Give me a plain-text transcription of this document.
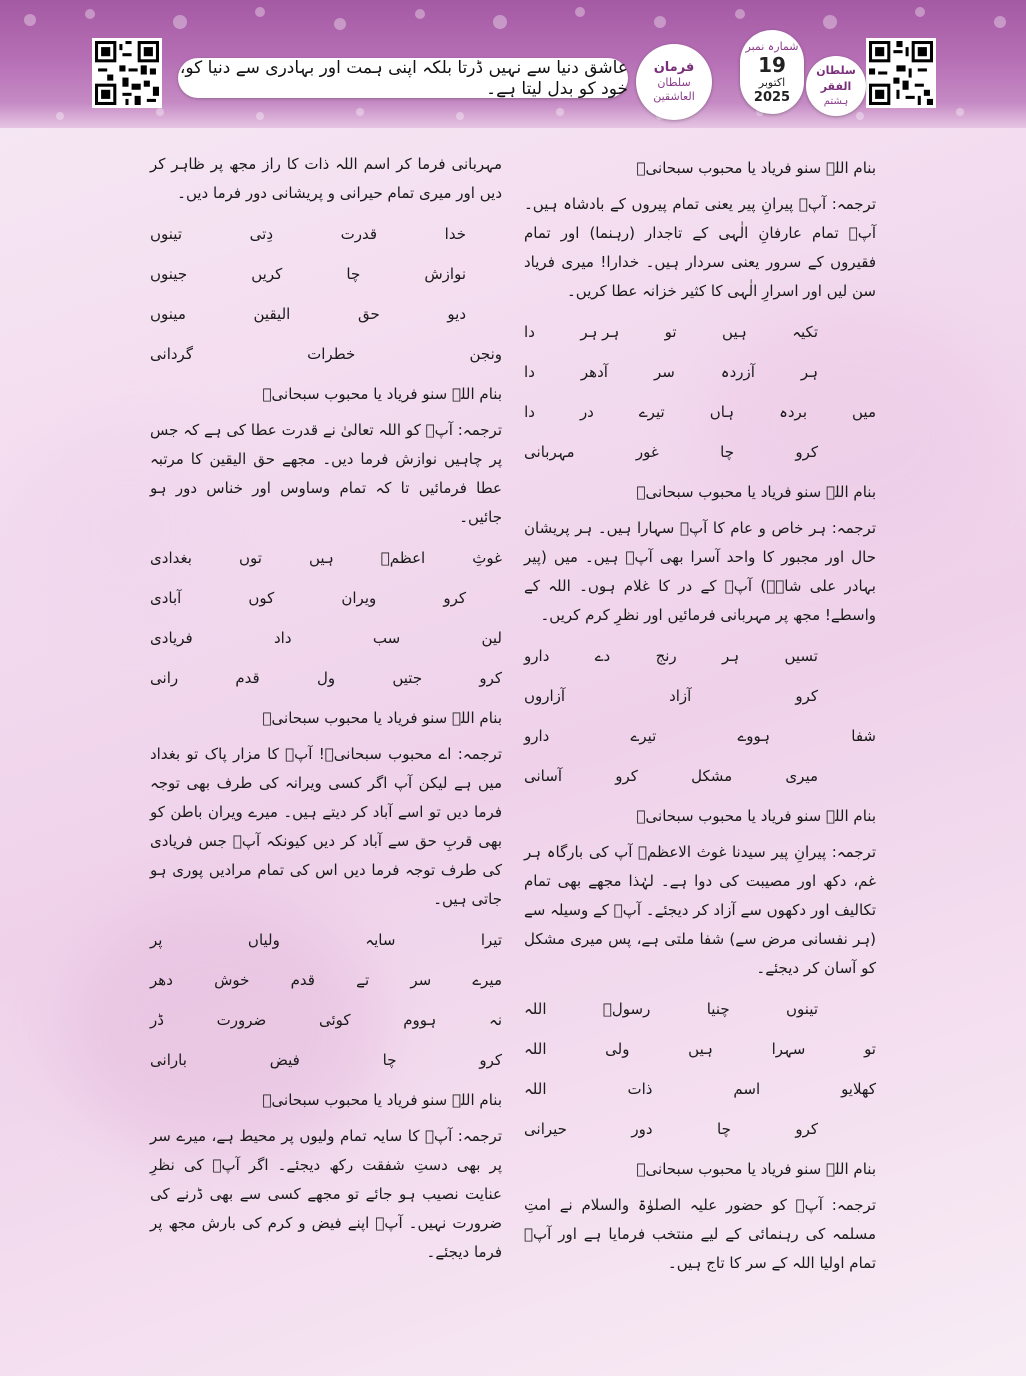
عاشق دنیا سے نہیں ڈرتا بلکہ اپنی ہمت اور بہادری سے دنیا کو، خود کو بدل لیتا ہے۔
فرمان
سلطان العاشقین
شمارہ نمبر
19
اکتوبر
2025
سلطان الفقر
ہشتم
بنام اللہ سنو فریاد یا محبوب سبحانیؒ
ترجمہ: آپؓ پیرانِ پیر یعنی تمام پیروں کے بادشاہ ہیں۔ آپؓ تمام عارفانِ الٰہی کے تاجدار (رہنما) اور تمام فقیروں کے سرور یعنی سردار ہیں۔ خدارا! میری فریاد سن لیں اور اسرارِ الٰہی کا کثیر خزانہ عطا کریں۔
تکیہ
ہیں
تو
ہر ہر
دا
ہر
آزردہ
سر
آدھر
دا
میں
بردہ
ہاں
تیرے
در
دا
کرو
چا
غور
مہربانی
بنام اللہ سنو فریاد یا محبوب سبحانیؒ
ترجمہ: ہر خاص و عام کا آپؓ سہارا ہیں۔ ہر پریشان حال اور مجبور کا واحد آسرا بھی آپؓ ہیں۔ میں (پیر بہادر علی شاہؒ) آپؓ کے در کا غلام ہوں۔ اللہ کے واسطے! مجھ پر مہربانی فرمائیں اور نظرِ کرم کریں۔
تسیں
ہر
رنج
دے
دارو
کرو
آزاد
آزاروں
شفا
ہووے
تیرے
دارو
میری
مشکل
کرو
آسانی
بنام اللہ سنو فریاد یا محبوب سبحانیؒ
ترجمہ: پیرانِ پیر سیدنا غوث الاعظمؓ آپ کی بارگاہ ہر غم، دکھ اور مصیبت کی دوا ہے۔ لہٰذا مجھے بھی تمام تکالیف اور دکھوں سے آزاد کر دیجئے۔ آپؓ کے وسیلہ سے (ہر نفسانی مرض سے) شفا ملتی ہے، پس میری مشکل کو آسان کر دیجئے۔
تینوں
چنیا
رسولؐ
اللہ
تو
سہرا
ہیں
ولی
اللہ
کھلایو
اسم
ذات
اللہ
کرو
چا
دور
حیرانی
بنام اللہ سنو فریاد یا محبوب سبحانیؒ
ترجمہ: آپؓ کو حضور علیہ الصلوٰۃ والسلام نے امتِ مسلمہ کی رہنمائی کے لیے منتخب فرمایا ہے اور آپؓ تمام اولیا اللہ کے سر کا تاج ہیں۔
مہربانی فرما کر اسم اللہ ذات کا راز مجھ پر ظاہر کر دیں اور میری تمام حیرانی و پریشانی دور فرما دیں۔
خدا
قدرت
دِتی
تینوں
نوازش
چا
کریں
جینوں
دیو
حق
الیقین
مینوں
ونجن
خطرات
گردانی
بنام اللہ سنو فریاد یا محبوب سبحانیؒ
ترجمہ: آپؓ کو اللہ تعالیٰ نے قدرت عطا کی ہے کہ جس پر چاہیں نوازش فرما دیں۔ مجھے حق الیقین کا مرتبہ عطا فرمائیں تا کہ تمام وساوس اور خناس دور ہو جائیں۔
غوثِ
اعظمؓ
ہیں
توں
بغدادی
کرو
ویران
کوں
آبادی
لین
سب
داد
فریادی
کرو
جتیں
ول
قدم
رانی
بنام اللہ سنو فریاد یا محبوب سبحانیؒ
ترجمہ: اے محبوب سبحانیؓ! آپؓ کا مزار پاک تو بغداد میں ہے لیکن آپ اگر کسی ویرانہ کی طرف بھی توجہ فرما دیں تو اسے آباد کر دیتے ہیں۔ میرے ویران باطن کو بھی قربِ حق سے آباد کر دیں کیونکہ آپؓ جس فریادی کی طرف توجہ فرما دیں اس کی تمام مرادیں پوری ہو جاتی ہیں۔
تیرا
سایہ
ولیاں
پر
میرے
سر
تے
قدم
خوش
دھر
نہ
ہووم
کوئی
ضرورت
ڈر
کرو
چا
فیض
بارانی
بنام اللہ سنو فریاد یا محبوب سبحانیؒ
ترجمہ: آپؓ کا سایہ تمام ولیوں پر محیط ہے، میرے سر پر بھی دستِ شفقت رکھ دیجئے۔ اگر آپؓ کی نظرِ عنایت نصیب ہو جائے تو مجھے کسی سے بھی ڈرنے کی ضرورت نہیں۔ آپؓ اپنے فیض و کرم کی بارش مجھ پر فرما دیجئے۔
